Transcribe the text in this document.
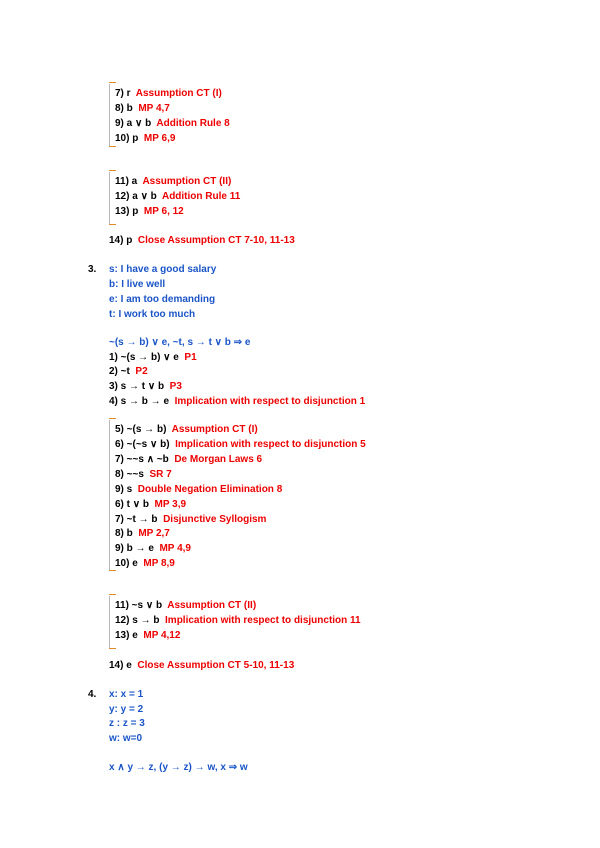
7) r Assumption CT (I)
8) b MP 4,7
9) a ∨ b Addition Rule 8
10) p MP 6,9
11) a Assumption CT (II)
12) a ∨ b Addition Rule 11
13) p MP 6, 12
14) p Close Assumption CT 7-10, 11-13
3. s: I have a good salary
b: I live well
e: I am too demanding
t: I work too much
~(s → b) ∨ e, ~t, s → t ∨ b ⇒ e
1) ~(s → b) ∨ e P1
2) ~t P2
3) s → t ∨ b P3
4) s → b → e Implication with respect to disjunction 1
5) ~(s → b) Assumption CT (I)
6) ~(~s ∨ b) Implication with respect to disjunction 5
7) ~~s ∧ ~b De Morgan Laws 6
8) ~~s SR 7
9) s Double Negation Elimination 8
6) t ∨ b MP 3,9
7) ~t → b Disjunctive Syllogism
8) b MP 2,7
9) b → e MP 4,9
10) e MP 8,9
11) ~s ∨ b Assumption CT (II)
12) s → b Implication with respect to disjunction 11
13) e MP 4,12
14) e Close Assumption CT 5-10, 11-13
4. x: x = 1
y: y = 2
z : z = 3
w: w=0
x ∧ y → z, (y → z) → w, x ⇒ w
